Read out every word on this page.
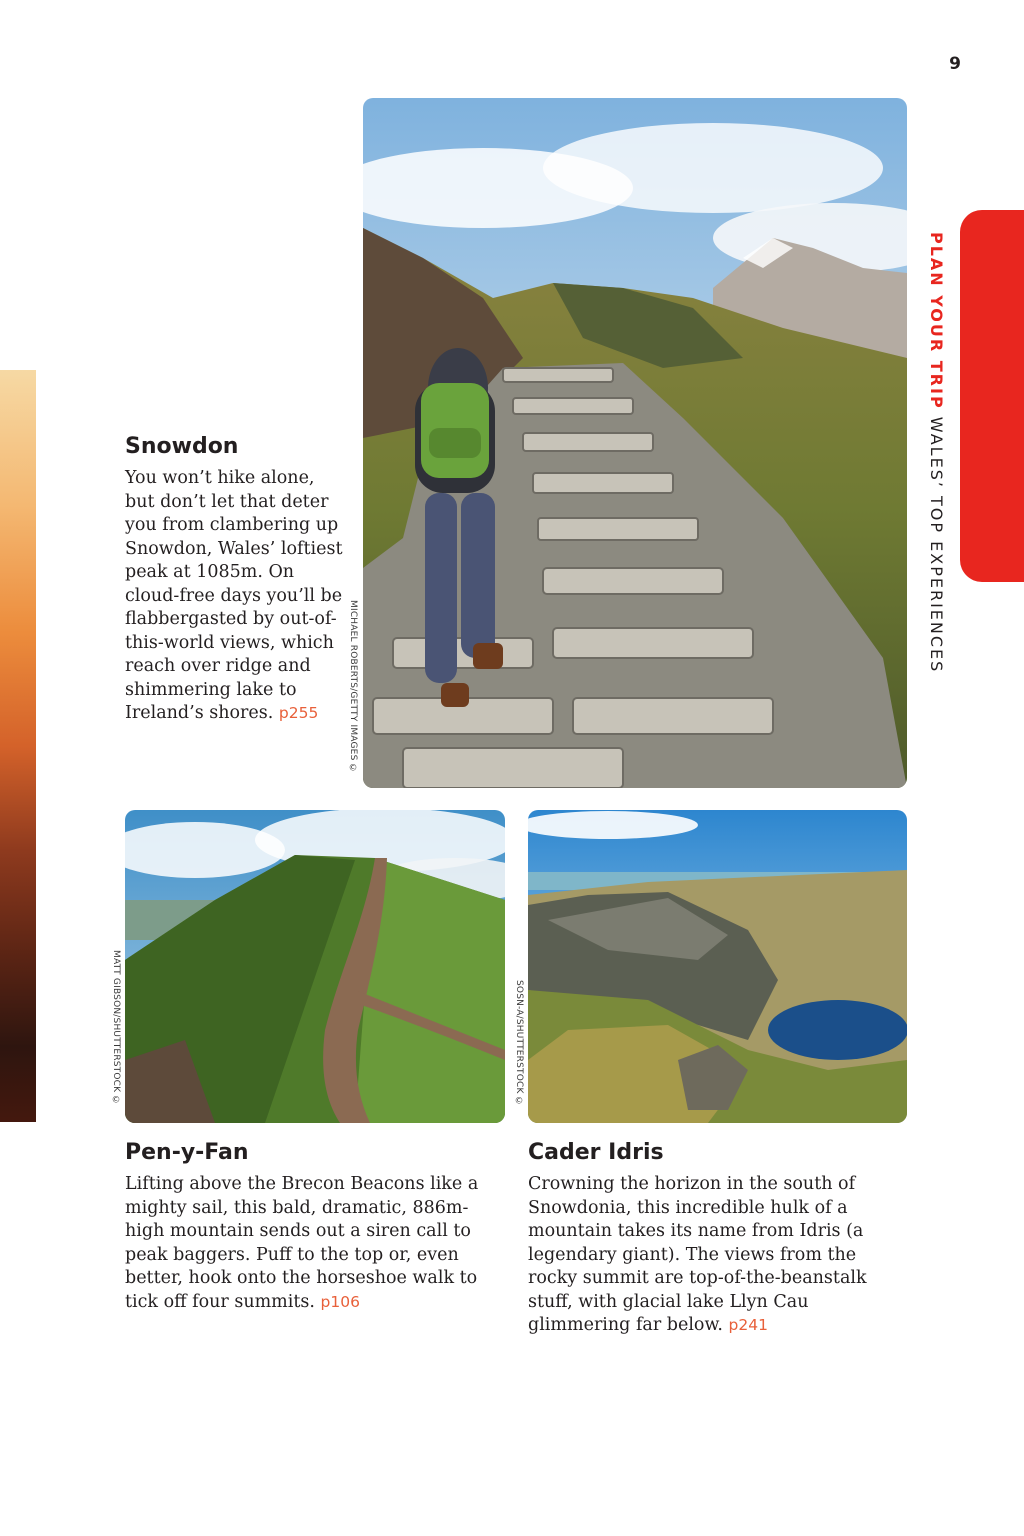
9
PLAN YOUR TRIP WALES’ TOP EXPERIENCES
MICHAEL ROBERTS/GETTY IMAGES ©
Snowdon

You won’t hike alone, but don’t let that deter you from clambering up Snowdon, Wales’ loftiest peak at 1085m. On cloud-free days you’ll be flabbergasted by out-of-this-world views, which reach over ridge and shimmering lake to Ireland’s shores. p255

MATT GIBSON/SHUTTERSTOCK ©	SOSN-A/SHUTTERSTOCK ©
Pen-y-Fan

Lifting above the Brecon Beacons like a mighty sail, this bald, dramatic, 886m-high mountain sends out a siren call to peak baggers. Puff to the top or, even better, hook onto the horseshoe walk to tick off four summits. p106

Cader Idris

Crowning the horizon in the south of Snowdonia, this incredible hulk of a mountain takes its name from Idris (a legendary giant). The views from the rocky summit are top-of-the-beanstalk stuff, with glacial lake Llyn Cau glimmering far below. p241
